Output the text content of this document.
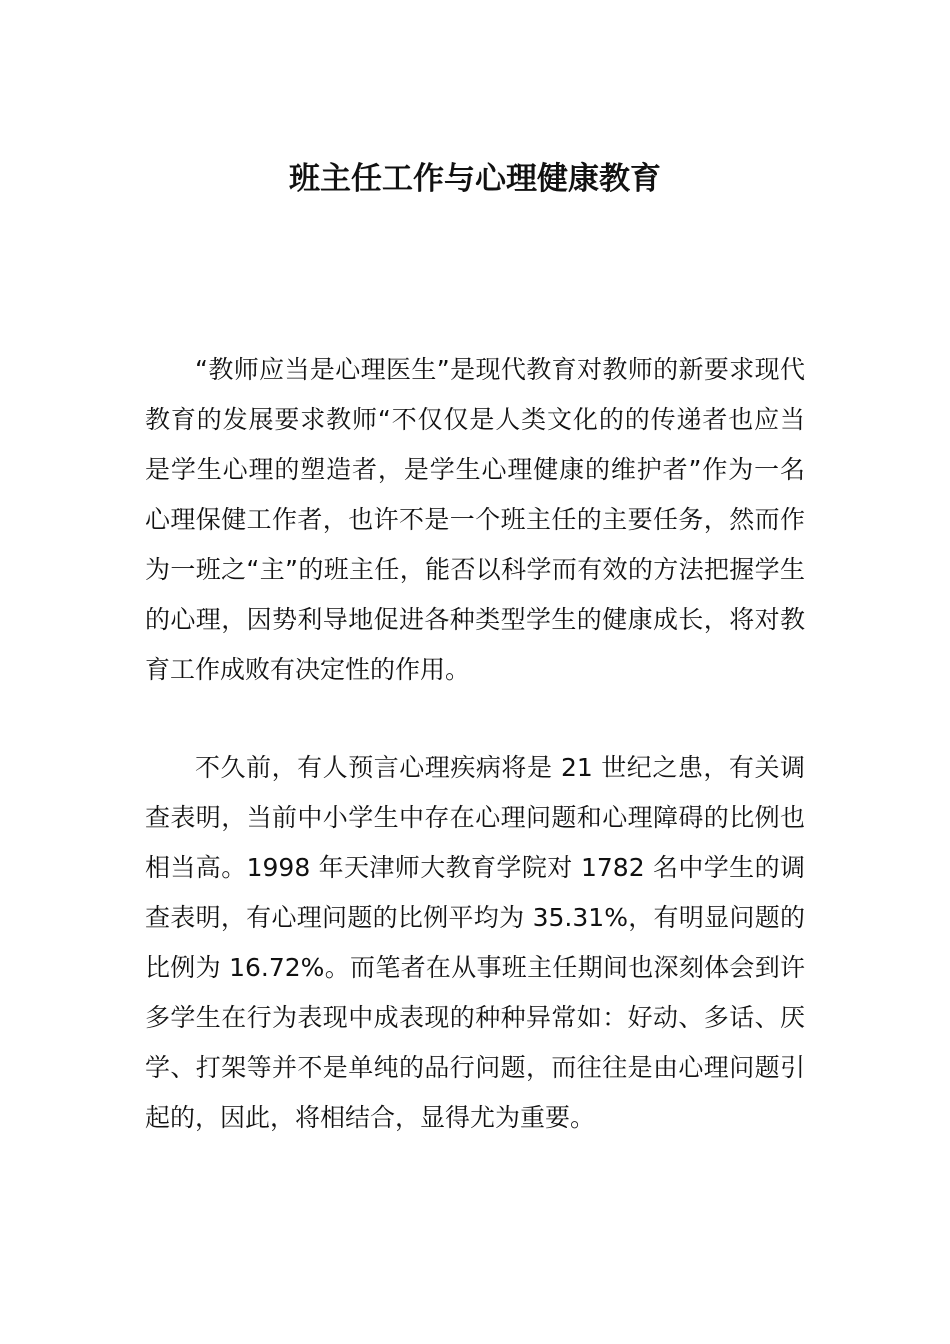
班主任工作与心理健康教育

“教师应当是心理医生”是现代教育对教师的新要求现代教育的发展要求教师“不仅仅是人类文化的的传递者也应当是学生心理的塑造者，是学生心理健康的维护者”作为一名心理保健工作者，也许不是一个班主任的主要任务，然而作为一班之“主”的班主任，能否以科学而有效的方法把握学生的心理，因势利导地促进各种类型学生的健康成长，将对教育工作成败有决定性的作用。

不久前，有人预言心理疾病将是 21 世纪之患，有关调查表明，当前中小学生中存在心理问题和心理障碍的比例也相当高。1998 年天津师大教育学院对 1782 名中学生的调查表明，有心理问题的比例平均为 35.31%，有明显问题的比例为 16.72%。而笔者在从事班主任期间也深刻体会到许多学生在行为表现中成表现的种种异常如：好动、多话、厌学、打架等并不是单纯的品行问题，而往往是由心理问题引起的，因此，将相结合，显得尤为重要。
